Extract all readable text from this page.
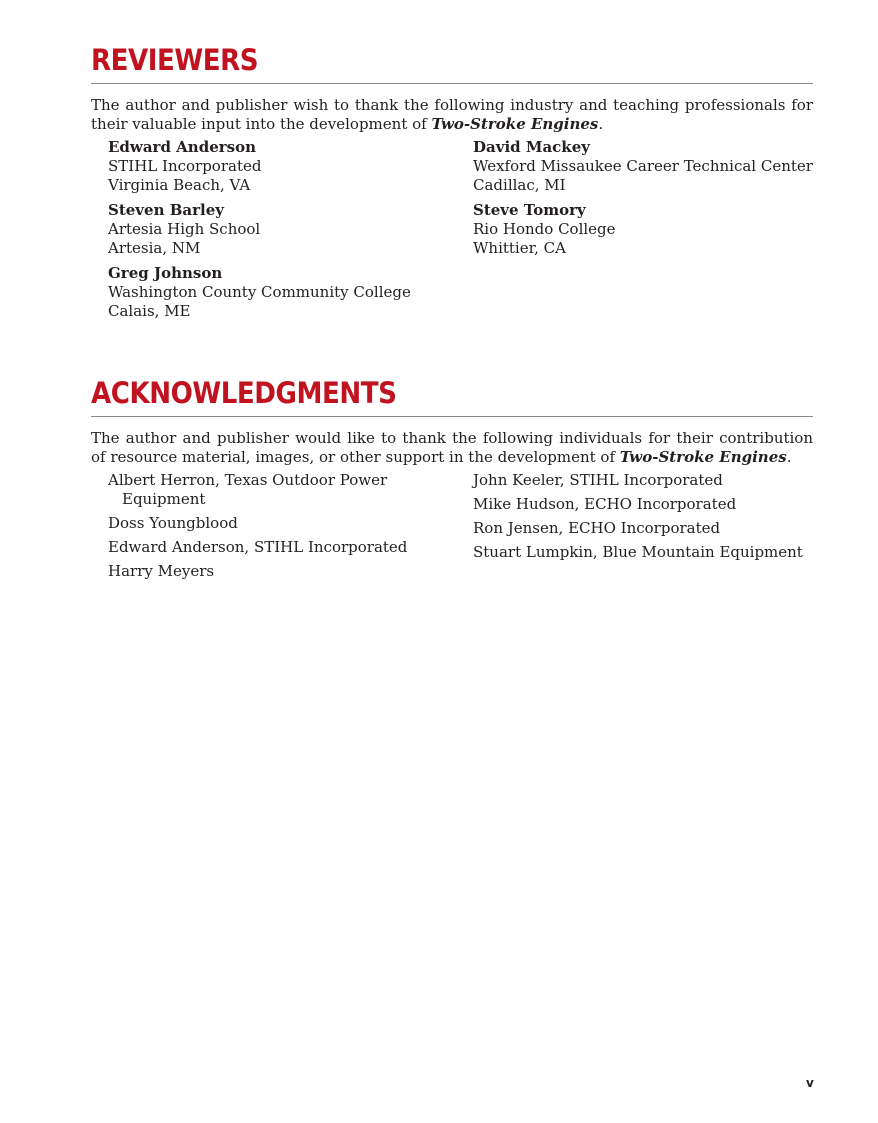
REVIEWERS

The author and publisher wish to thank the following industry and teaching professionals for their valuable input into the development of Two-Stroke Engines.

Edward Anderson
STIHL Incorporated
Virginia Beach, VA
Steven Barley
Artesia High School
Artesia, NM
Greg Johnson
Washington County Community College
Calais, ME
David Mackey
Wexford Missaukee Career Technical Center
Cadillac, MI
Steve Tomory
Rio Hondo College
Whittier, CA
ACKNOWLEDGMENTS

The author and publisher would like to thank the following individuals for their contribution of resource material, images, or other support in the development of Two-Stroke Engines.

Albert Herron, Texas Outdoor Power Equipment
Doss Youngblood
Edward Anderson, STIHL Incorporated
Harry Meyers
John Keeler, STIHL Incorporated
Mike Hudson, ECHO Incorporated
Ron Jensen, ECHO Incorporated
Stuart Lumpkin, Blue Mountain Equipment
v
